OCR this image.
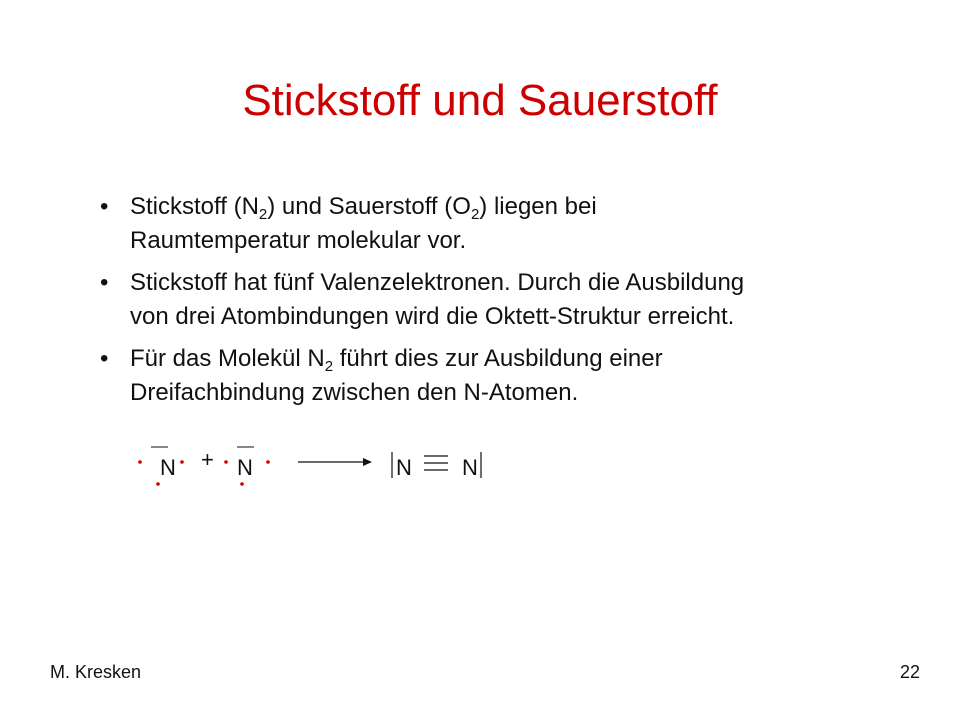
Stickstoff und Sauerstoff
• Stickstoff $(N_2)$ und Sauerstoff $(O_2)$ liegen bei
Raumtemperatur molekular vor.
• Stickstoff hat fünf Valenzelektronen. Durch die Ausbildung
von drei Atombindungen wird die Oktett-Struktur erreicht.
• Für das Molekül $N_2$ führt dies zur Ausbildung einer
Dreifachbindung zwischen den N-Atomen.
N + N	N N
M. Kresken	22
